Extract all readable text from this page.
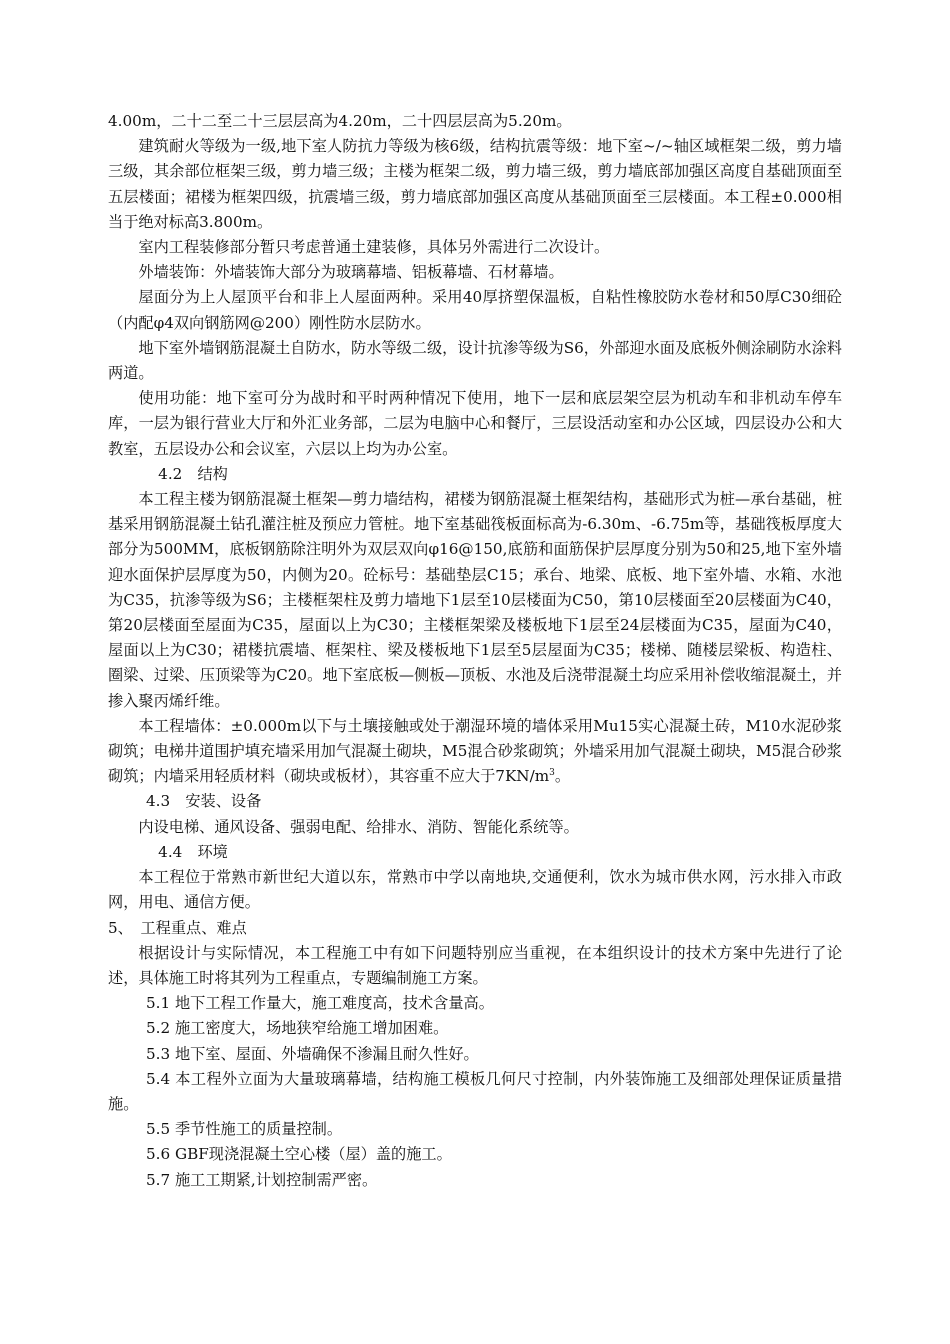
4.00m，二十二至二十三层层高为4.20m，二十四层层高为5.20m。

建筑耐火等级为一级,地下室人防抗力等级为核6级，结构抗震等级：地下室~/~轴区域框架二级，剪力墙三级，其余部位框架三级，剪力墙三级；主楼为框架二级，剪力墙三级，剪力墙底部加强区高度自基础顶面至五层楼面；裙楼为框架四级，抗震墙三级，剪力墙底部加强区高度从基础顶面至三层楼面。本工程±0.000相当于绝对标高3.800m。

室内工程装修部分暂只考虑普通土建装修，具体另外需进行二次设计。

外墙装饰：外墙装饰大部分为玻璃幕墙、铝板幕墙、石材幕墙。

屋面分为上人屋顶平台和非上人屋面两种。采用40厚挤塑保温板，自粘性橡胶防水卷材和50厚C30细砼（内配φ4双向钢筋网@200）刚性防水层防水。

地下室外墙钢筋混凝土自防水，防水等级二级，设计抗渗等级为S6，外部迎水面及底板外侧涂刷防水涂料两道。

使用功能：地下室可分为战时和平时两种情况下使用，地下一层和底层架空层为机动车和非机动车停车库，一层为银行营业大厅和外汇业务部，二层为电脑中心和餐厅，三层设活动室和办公区域，四层设办公和大教室，五层设办公和会议室，六层以上均为办公室。

4.2　结构

本工程主楼为钢筋混凝土框架—剪力墙结构，裙楼为钢筋混凝土框架结构，基础形式为桩—承台基础，桩基采用钢筋混凝土钻孔灌注桩及预应力管桩。地下室基础筏板面标高为-6.30m、-6.75m等，基础筏板厚度大部分为500MM，底板钢筋除注明外为双层双向φ16@150,底筋和面筋保护层厚度分别为50和25,地下室外墙迎水面保护层厚度为50，内侧为20。砼标号：基础垫层C15；承台、地梁、底板、地下室外墙、水箱、水池为C35，抗渗等级为S6；主楼框架柱及剪力墙地下1层至10层楼面为C50，第10层楼面至20层楼面为C40，第20层楼面至屋面为C35，屋面以上为C30；主楼框架梁及楼板地下1层至24层楼面为C35，屋面为C40，屋面以上为C30；裙楼抗震墙、框架柱、梁及楼板地下1层至5层屋面为C35；楼梯、随楼层梁板、构造柱、圈梁、过梁、压顶梁等为C20。地下室底板—侧板—顶板、水池及后浇带混凝土均应采用补偿收缩混凝土，并掺入聚丙烯纤维。

本工程墙体：±0.000m以下与土壤接触或处于潮湿环境的墙体采用Mu15实心混凝土砖，M10水泥砂浆砌筑；电梯井道围护填充墙采用加气混凝土砌块，M5混合砂浆砌筑；外墙采用加气混凝土砌块，M5混合砂浆砌筑；内墙采用轻质材料（砌块或板材），其容重不应大于$7KN/m^3$。

4.3　安装、设备

内设电梯、通风设备、强弱电配、给排水、消防、智能化系统等。

4.4　环境

本工程位于常熟市新世纪大道以东，常熟市中学以南地块,交通便利，饮水为城市供水网，污水排入市政网，用电、通信方便。

5、　工程重点、难点

根据设计与实际情况，本工程施工中有如下问题特别应当重视，在本组织设计的技术方案中先进行了论述，具体施工时将其列为工程重点，专题编制施工方案。

5.1 地下工程工作量大，施工难度高，技术含量高。

5.2 施工密度大，场地狭窄给施工增加困难。

5.3 地下室、屋面、外墙确保不渗漏且耐久性好。

5.4 本工程外立面为大量玻璃幕墙，结构施工模板几何尺寸控制，内外装饰施工及细部处理保证质量措施。

5.5 季节性施工的质量控制。

5.6 GBF现浇混凝土空心楼（屋）盖的施工。

5.7 施工工期紧,计划控制需严密。
